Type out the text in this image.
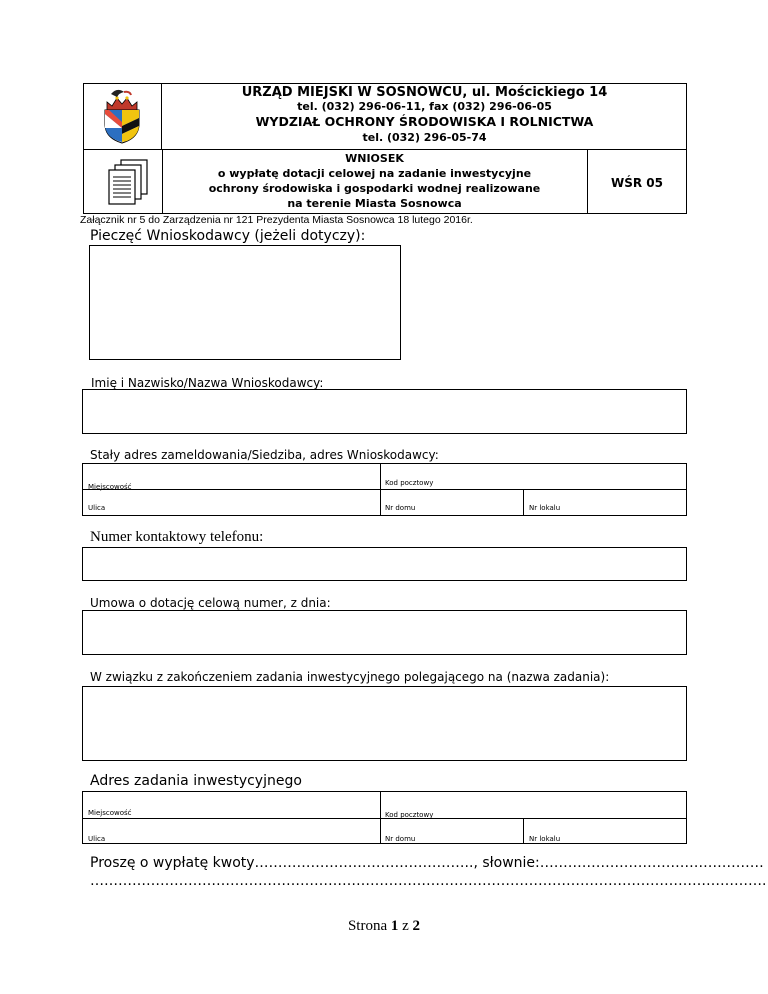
URZĄD MIEJSKI W SOSNOWCU, ul. Mościckiego 14
tel. (032) 296-06-11, fax (032) 296-06-05
WYDZIAŁ OCHRONY ŚRODOWISKA I ROLNICTWA
tel. (032) 296-05-74
WNIOSEK
o wypłatę dotacji celowej na zadanie inwestycyjne
ochrony środowiska i gospodarki wodnej realizowane
na terenie Miasta Sosnowca
WŚR 05
Załącznik nr 5 do Zarządzenia nr 121 Prezydenta Miasta Sosnowca 18 lutego 2016r.
Pieczęć Wnioskodawcy (jeżeli dotyczy):
Imię i Nazwisko/Nazwa Wnioskodawcy:
Stały adres zameldowania/Siedziba, adres Wnioskodawcy:
Miejscowość	Kod pocztowy
Ulica	Nr domu	Nr lokalu
Numer kontaktowy telefonu:
Umowa o dotację celową numer, z dnia:
W związku z zakończeniem zadania inwestycyjnego polegającego na (nazwa zadania):
Adres zadania inwestycyjnego
Miejscowość	Kod pocztowy
Ulica	Nr domu	Nr lokalu
Proszę o wypłatę kwoty……………………………………….., słownie:…………………………………………
……………………………………………………………………………………………………………………………….
Strona 1 z 2
